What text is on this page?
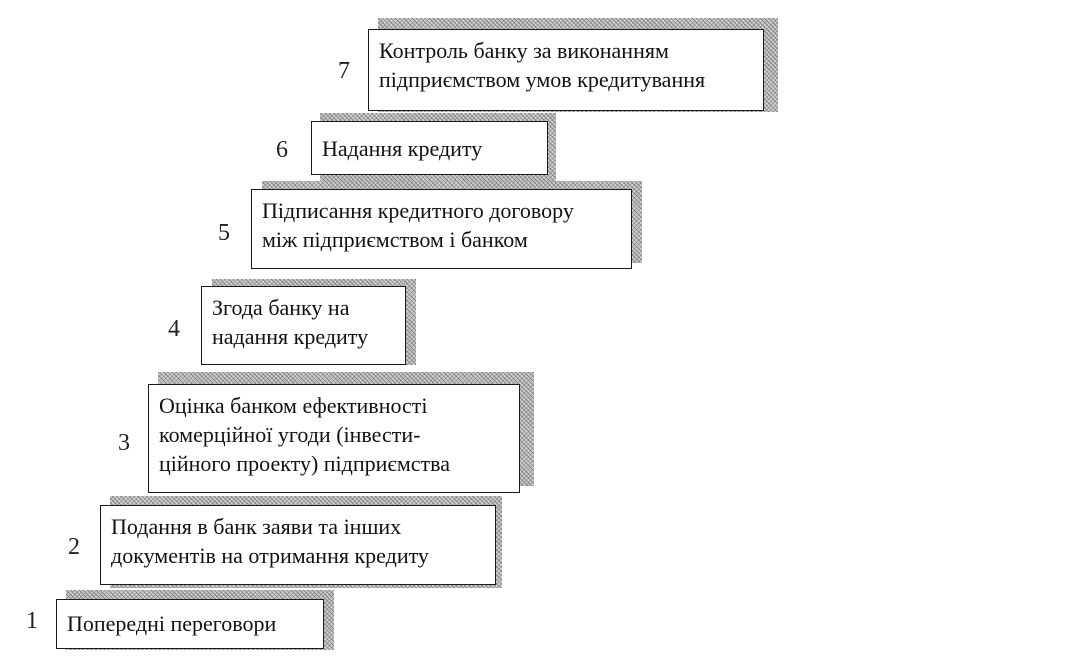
7
Контроль банку за виконанням
підприємством умов кредитування
6 Надання кредиту
5
Підписання кредитного договору
між підприємством і банком
4
Згода банку на
надання кредиту
3
Оцінка банком ефективності
комерційної угоди (інвести-
ційного проекту) підприємства
2
Подання в банк заяви та інших
документів на отримання кредиту
1 Попередні переговори
